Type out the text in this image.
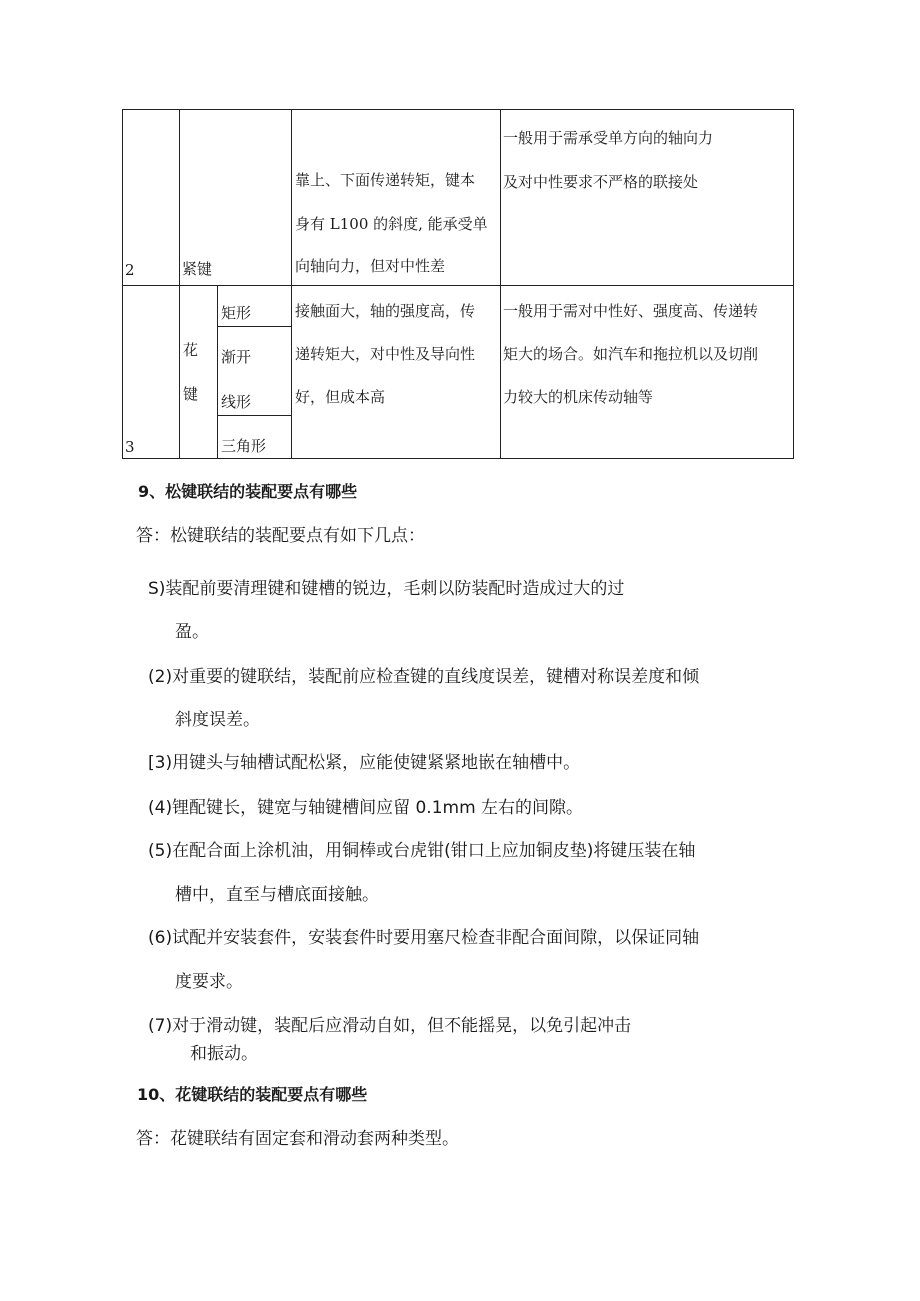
2	紧键
靠上、下面传递转矩，键本
身有 L100 的斜度, 能承受单
向轴向力，但对中性差
一般用于需承受单方向的轴向力
及对中性要求不严格的联接处
3
花
键
矩形
渐开
线形
三角形
接触面大，轴的强度高，传
递转矩大，对中性及导向性
好，但成本高
一般用于需对中性好、强度高、传递转
矩大的场合。如汽车和拖拉机以及切削
力较大的机床传动轴等
9、松键联结的装配要点有哪些
答：松键联结的装配要点有如下几点：
S)装配前要清理键和键槽的锐边，毛刺以防装配时造成过大的过
盈。
(2)对重要的键联结，装配前应检查键的直线度误差，键槽对称误差度和倾
斜度误差。
[3)用键头与轴槽试配松紧，应能使键紧紧地嵌在轴槽中。
(4)锂配键长，键宽与轴键槽间应留 0.1mm 左右的间隙。
(5)在配合面上涂机油，用铜棒或台虎钳(钳口上应加铜皮垫)将键压装在轴
槽中，直至与槽底面接触。
(6)试配并安装套件，安装套件时要用塞尺检查非配合面间隙，以保证同轴
度要求。
(7)对于滑动键，装配后应滑动自如，但不能摇晃，以免引起冲击
和振动。
10、花键联结的装配要点有哪些
答：花键联结有固定套和滑动套两种类型。
